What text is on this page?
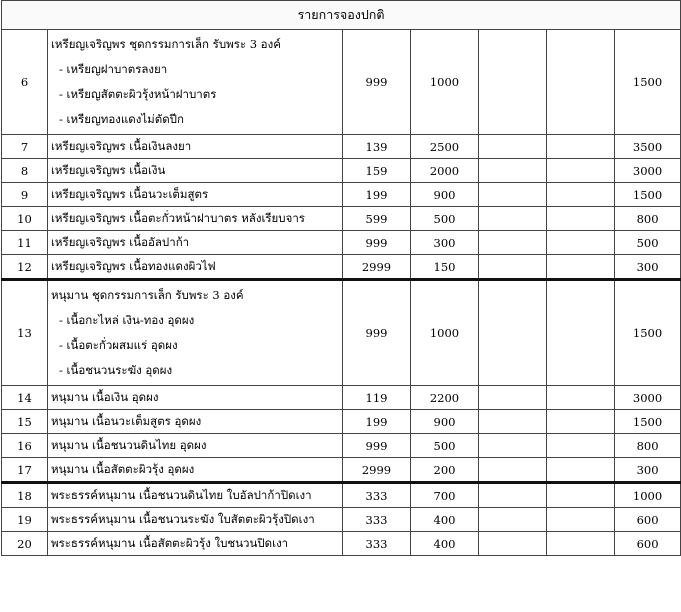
รายการจองปกติ						
6	เหรียญเจริญพร ชุดกรรมการเล็ก รับพระ 3 องค์
- เหรียญฝาบาตรลงยา
- เหรียญสัตตะผิวรุ้งหน้าฝาบาตร
- เหรียญทองแดงไม่ตัดปีก	999	1000			1500
7	เหรียญเจริญพร เนื้อเงินลงยา	139	2500			3500
8	เหรียญเจริญพร เนื้อเงิน	159	2000			3000
9	เหรียญเจริญพร เนื้อนวะเต็มสูตร	199	900			1500
10	เหรียญเจริญพร เนื้อตะกั่วหน้าฝาบาตร หลังเรียบจาร	599	500			800
11	เหรียญเจริญพร เนื้ออัลปาก้า	999	300			500
12	เหรียญเจริญพร เนื้อทองแดงผิวไฟ	2999	150			300
13	หนุมาน ชุดกรรมการเล็ก รับพระ 3 องค์
- เนื้อกะไหล่ เงิน-ทอง อุดผง
- เนื้อตะกั่วผสมแร่ อุดผง
- เนื้อชนวนระฆัง อุดผง	999	1000			1500
14	หนุมาน เนื้อเงิน อุดผง	119	2200			3000
15	หนุมาน เนื้อนวะเต็มสูตร อุดผง	199	900			1500
16	หนุมาน เนื้อชนวนดินไทย อุดผง	999	500			800
17	หนุมาน เนื้อสัตตะผิวรุ้ง อุดผง	2999	200			300
18	พระธรรค์หนุมาน เนื้อชนวนดินไทย ใบอัลปาก้าปิดเงา	333	700			1000
19	พระธรรค์หนุมาน เนื้อชนวนระฆัง ใบสัตตะผิวรุ้งปิดเงา	333	400			600
20	พระธรรค์หนุมาน เนื้อสัตตะผิวรุ้ง ใบชนวนปิดเงา	333	400			600
